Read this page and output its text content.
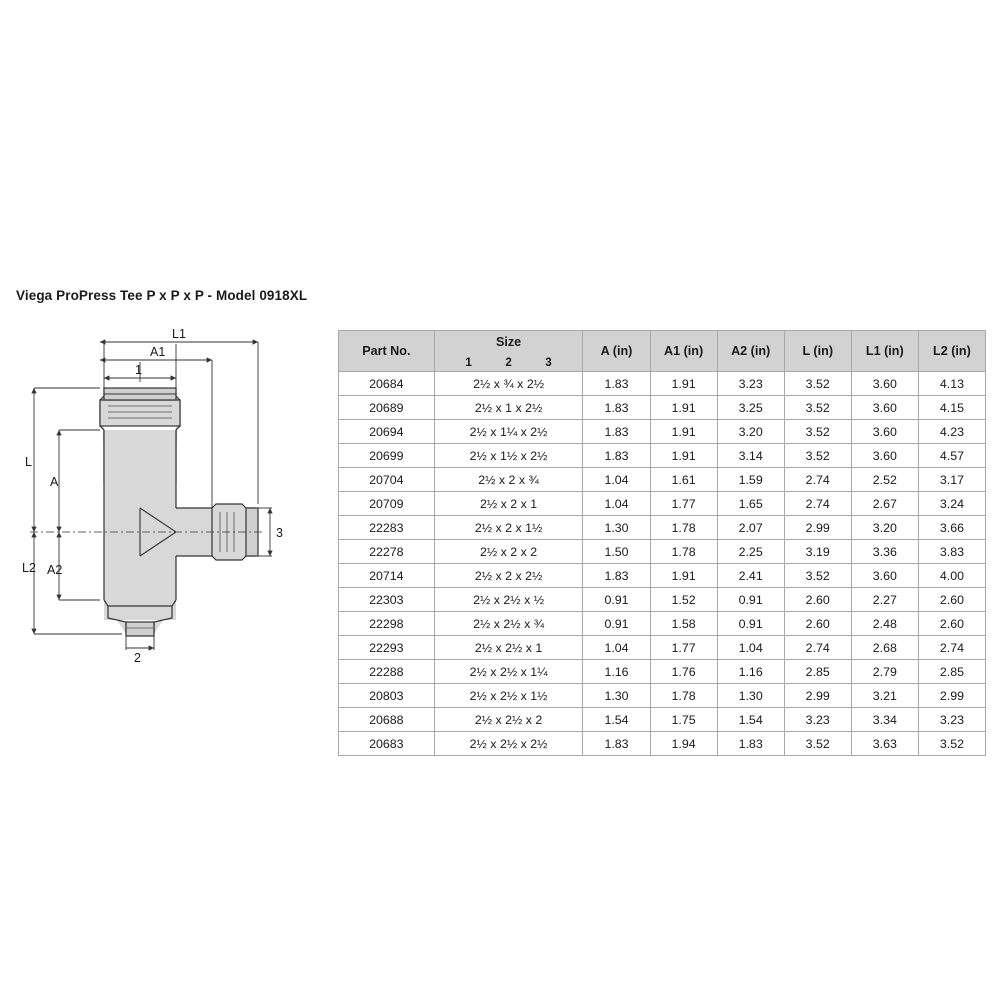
Viega ProPress Tee P x P x P - Model 0918XL
L1
A1
1
L
A
3
L2 A2
2
Part No.	Size	A (in)	A1 (in)	A2 (in)	L (in)	L1 (in)	L2 (in)

	1 2 3						

20684	2½ x ¾ x 2½	1.83	1.91	3.23	3.52	3.60	4.13
20689	2½ x 1 x 2½	1.83	1.91	3.25	3.52	3.60	4.15
20694	2½ x 1¼ x 2½	1.83	1.91	3.20	3.52	3.60	4.23
20699	2½ x 1½ x 2½	1.83	1.91	3.14	3.52	3.60	4.57
20704	2½ x 2 x ¾	1.04	1.61	1.59	2.74	2.52	3.17
20709	2½ x 2 x 1	1.04	1.77	1.65	2.74	2.67	3.24
22283	2½ x 2 x 1½	1.30	1.78	2.07	2.99	3.20	3.66
22278	2½ x 2 x 2	1.50	1.78	2.25	3.19	3.36	3.83
20714	2½ x 2 x 2½	1.83	1.91	2.41	3.52	3.60	4.00
22303	2½ x 2½ x ½	0.91	1.52	0.91	2.60	2.27	2.60
22298	2½ x 2½ x ¾	0.91	1.58	0.91	2.60	2.48	2.60
22293	2½ x 2½ x 1	1.04	1.77	1.04	2.74	2.68	2.74
22288	2½ x 2½ x 1¼	1.16	1.76	1.16	2.85	2.79	2.85
20803	2½ x 2½ x 1½	1.30	1.78	1.30	2.99	3.21	2.99
20688	2½ x 2½ x 2	1.54	1.75	1.54	3.23	3.34	3.23
20683	2½ x 2½ x 2½	1.83	1.94	1.83	3.52	3.63	3.52
